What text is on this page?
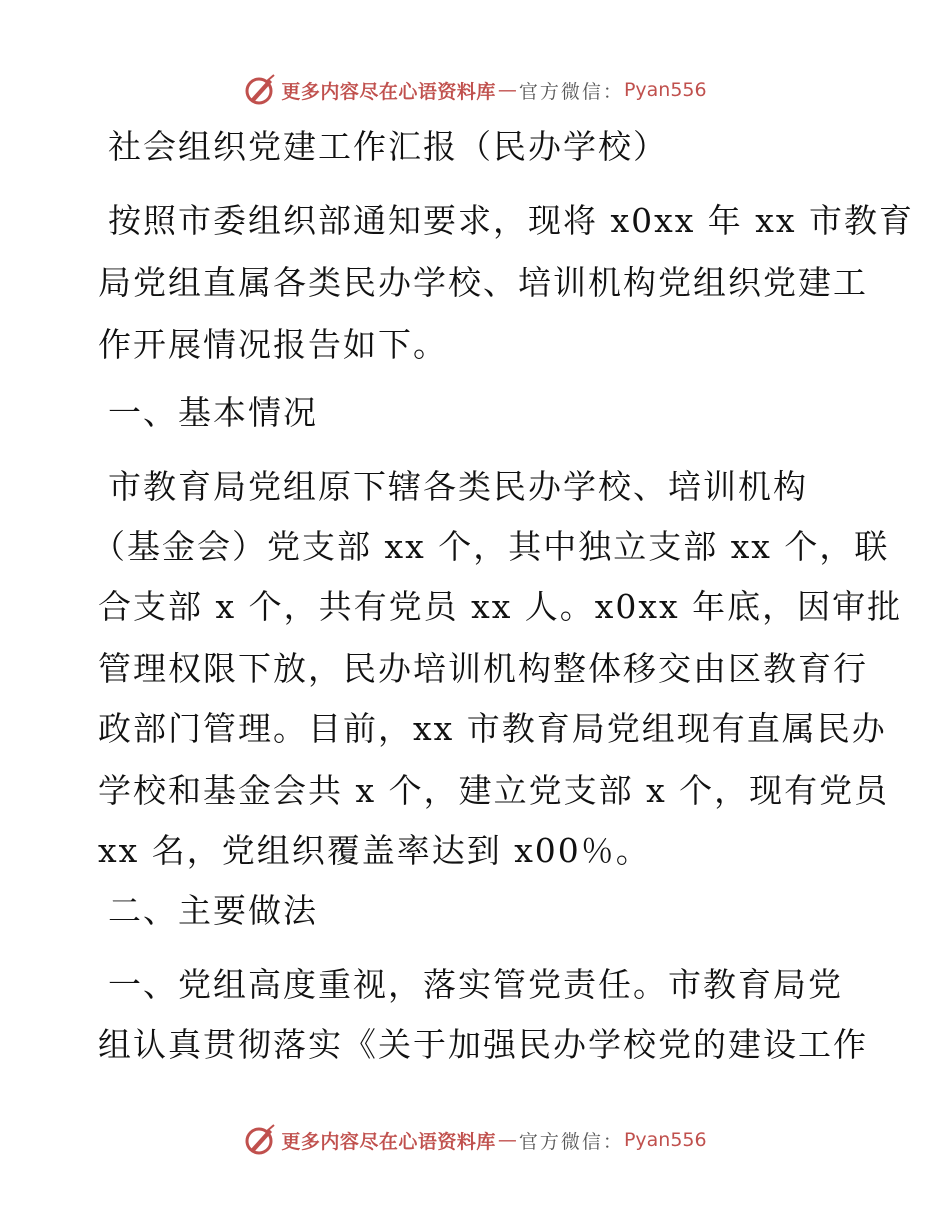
更多内容尽在心语资料库 — 官方微信： Pyan556
社会组织党建工作汇报（民办学校）
按照市委组织部通知要求，现将 x0xx 年 xx 市教育
局党组直属各类民办学校、培训机构党组织党建工
作开展情况报告如下。
一、基本情况
市教育局党组原下辖各类民办学校、培训机构
（基金会）党支部 xx 个，其中独立支部 xx 个，联
合支部 x 个，共有党员 xx 人。x0xx 年底，因审批
管理权限下放，民办培训机构整体移交由区教育行
政部门管理。目前，xx 市教育局党组现有直属民办
学校和基金会共 x 个，建立党支部 x 个，现有党员
xx 名，党组织覆盖率达到 x00％。
二、主要做法
一、党组高度重视，落实管党责任。市教育局党
组认真贯彻落实《关于加强民办学校党的建设工作
更多内容尽在心语资料库 — 官方微信： Pyan556
